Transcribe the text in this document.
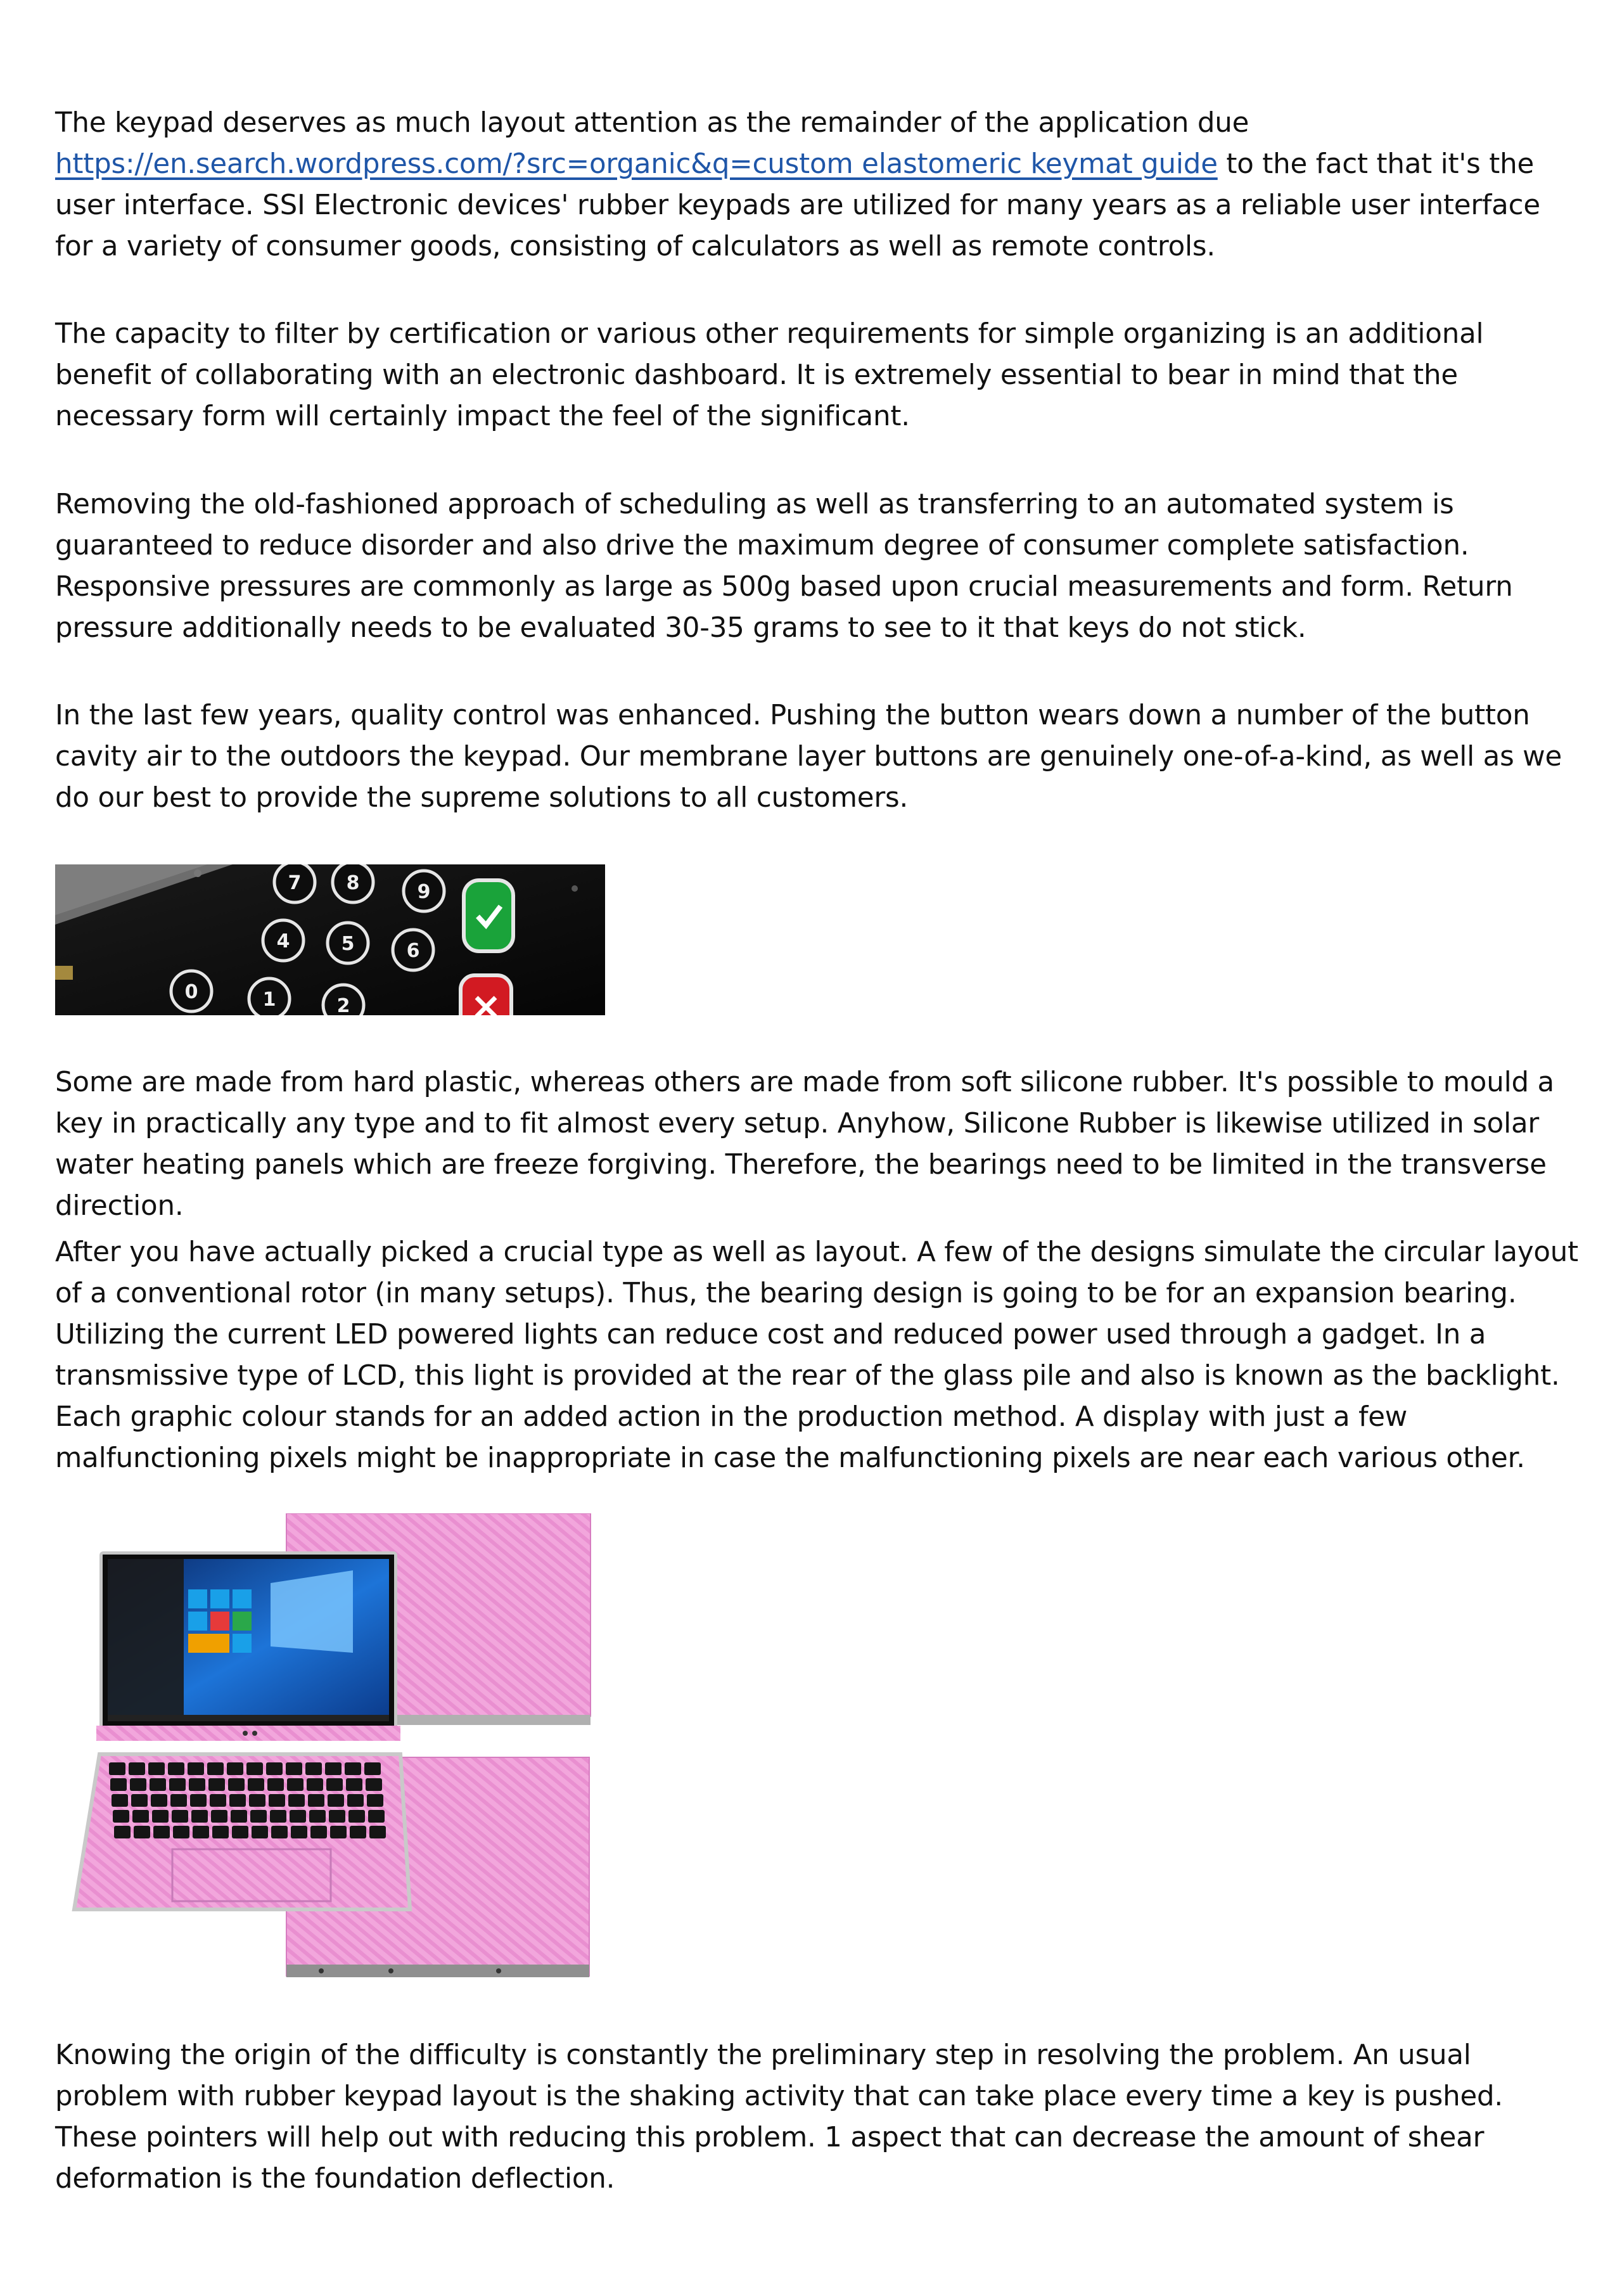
The keypad deserves as much layout attention as the remainder of the application due https://en.search.wordpress.com/?src=organic&q=custom elastomeric keymat guide to the fact that it's the user interface. SSI Electronic devices' rubber keypads are utilized for many years as a reliable user interface for a variety of consumer goods, consisting of calculators as well as remote controls.

The capacity to filter by certification or various other requirements for simple organizing is an additional benefit of collaborating with an electronic dashboard. It is extremely essential to bear in mind that the necessary form will certainly impact the feel of the significant.

Removing the old-fashioned approach of scheduling as well as transferring to an automated system is guaranteed to reduce disorder and also drive the maximum degree of consumer complete satisfaction. Responsive pressures are commonly as large as 500g based upon crucial measurements and form. Return pressure additionally needs to be evaluated 30-35 grams to see to it that keys do not stick.

In the last few years, quality control was enhanced. Pushing the button wears down a number of the button cavity air to the outdoors the keypad. Our membrane layer buttons are genuinely one-of-a-kind, as well as we do our best to provide the supreme solutions to all customers.

7 8	9
4	5	6
0	1	2

Some are made from hard plastic, whereas others are made from soft silicone rubber. It's possible to mould a key in practically any type and to fit almost every setup. Anyhow, Silicone Rubber is likewise utilized in solar water heating panels which are freeze forgiving. Therefore, the bearings need to be limited in the transverse direction.

After you have actually picked a crucial type as well as layout. A few of the designs simulate the circular layout of a conventional rotor (in many setups). Thus, the bearing design is going to be for an expansion bearing. Utilizing the current LED powered lights can reduce cost and reduced power used through a gadget. In a transmissive type of LCD, this light is provided at the rear of the glass pile and also is known as the backlight. Each graphic colour stands for an added action in the production method. A display with just a few malfunctioning pixels might be inappropriate in case the malfunctioning pixels are near each various other.

Knowing the origin of the difficulty is constantly the preliminary step in resolving the problem. An usual problem with rubber keypad layout is the shaking activity that can take place every time a key is pushed. These pointers will help out with reducing this problem. 1 aspect that can decrease the amount of shear deformation is the foundation deflection.
